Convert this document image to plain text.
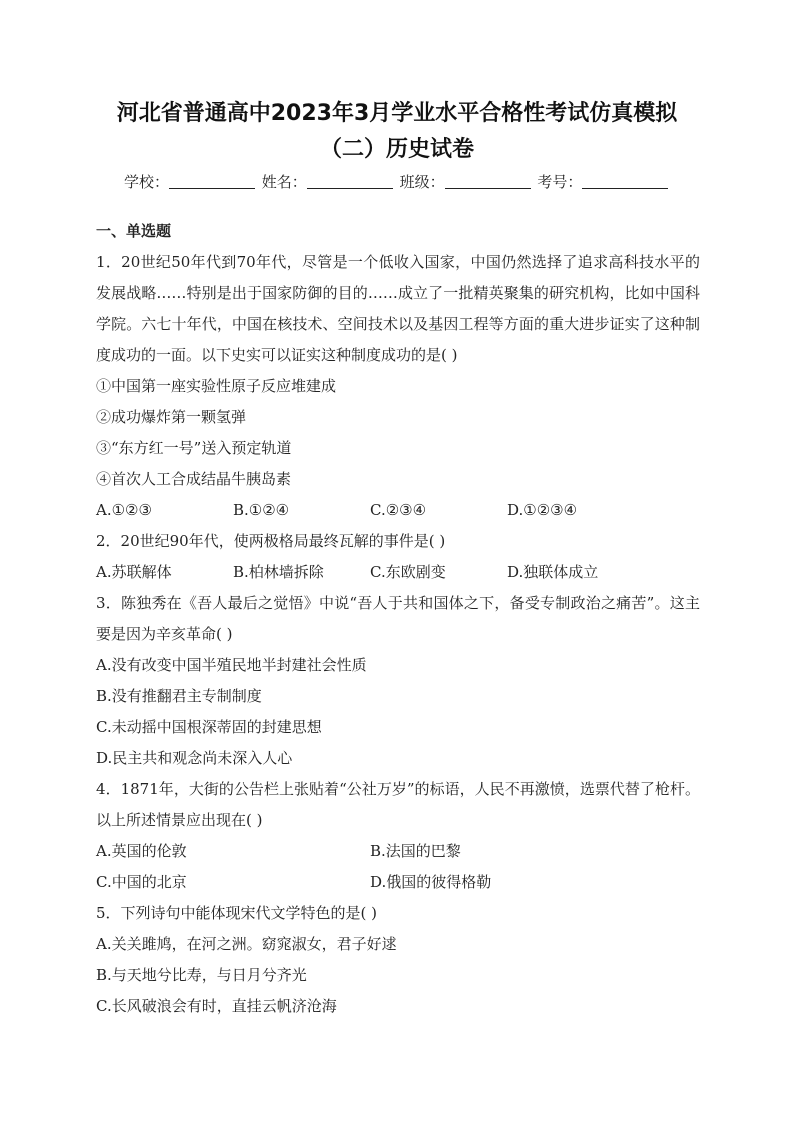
河北省普通高中2023年3月学业水平合格性考试仿真模拟（二）历史试卷
学校：	姓名：	班级：	考号：

一、单选题

1．20世纪50年代到70年代，尽管是一个低收入国家，中国仍然选择了追求高科技水平的发展战略……特别是出于国家防御的目的……成立了一批精英聚集的研究机构，比如中国科学院。六七十年代，中国在核技术、空间技术以及基因工程等方面的重大进步证实了这种制度成功的一面。以下史实可以证实这种制度成功的是( )

①中国第一座实验性原子反应堆建成

②成功爆炸第一颗氢弹

③“东方红一号”送入预定轨道

④首次人工合成结晶牛胰岛素

A.①②③	B.①②④	C.②③④	D.①②③④

2．20世纪90年代，使两极格局最终瓦解的事件是( )

A.苏联解体	B.柏林墙拆除	C.东欧剧变	D.独联体成立

3．陈独秀在《吾人最后之觉悟》中说“吾人于共和国体之下，备受专制政治之痛苦”。这主要是因为辛亥革命( )

A.没有改变中国半殖民地半封建社会性质

B.没有推翻君主专制制度

C.未动摇中国根深蒂固的封建思想

D.民主共和观念尚未深入人心

4．1871年，大街的公告栏上张贴着“公社万岁”的标语，人民不再激愤，选票代替了枪杆。以上所述情景应出现在( )

A.英国的伦敦	B.法国的巴黎
C.中国的北京	D.俄国的彼得格勒

5．下列诗句中能体现宋代文学特色的是( )

A.关关雎鸠，在河之洲。窈窕淑女，君子好逑

B.与天地兮比寿，与日月兮齐光

C.长风破浪会有时，直挂云帆济沧海
